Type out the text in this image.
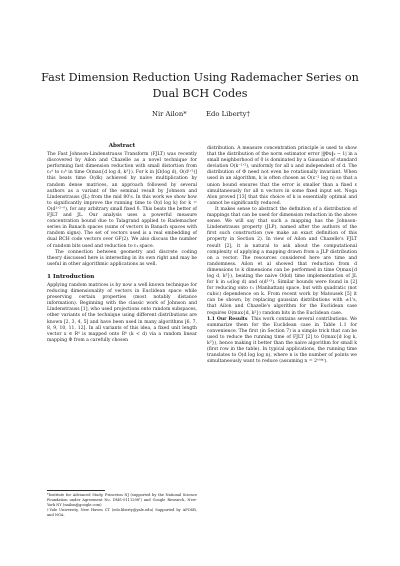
Fast Dimension Reduction Using Rademacher Series on Dual BCH Codes
Nir Ailon*	Edo Liberty†
Abstract

The Fast Johnson-Lindenstrauss Transform (FJLT) was recently discovered by Ailon and Chazelle as a novel technique for performing fast dimension reduction with small distortion from ℓ₂ᵈ to ℓ₂ᵏ in time O(max{d log d, k³}). For k in [Ω(log d), O(d¹ᐟ²)] this beats time O(dk) achieved by naive multiplication by random dense matrices, an approach followed by several authors as a variant of the seminal result by Johnson and Lindenstrauss (JL) from the mid 80's. In this work we show how to significantly improve the running time to O(d log k) for k = O(d¹ᐟ²⁻ᵟ), for any arbitrary small fixed δ. This beats the better of FJLT and JL. Our analysis uses a powerful measure concentration bound due to Talagrand applied to Rademacher series in Banach spaces (sums of vectors in Banach spaces with random signs). The set of vectors used is a real embedding of dual BCH code vectors over GF(2). We also discuss the number of random bits used and reduction to ℓ₁ space.

The connection between geometry and discrete coding theory discussed here is interesting in its own right and may be useful in other algorithmic applications as well.

1 Introduction

Applying random matrices is by now a well known technique for reducing dimensionality of vectors in Euclidean space while preserving certain properties (most notably distance information). Beginning with the classic work of Johnson and Lindenstrauss [1], who used projections onto random subspaces, other variants of the technique using different distributions are known [2, 3, 4, 5] and have been used in many algorithms [6, 7, 8, 9, 10, 11, 12]. In all variants of this idea, a fixed unit length vector x ∈ Rᵈ is mapped onto Rᵏ (k < d) via a random linear mapping Φ from a carefully chosen

distribution. A measure concentration principle is used to show that the distribution of the norm estimator error |‖Φx‖₂ − 1| in a small neighborhood of 0 is dominated by a Gaussian of standard deviation O(k⁻¹ᐟ²), uniformly for all x and independent of d. The distribution of Φ need not even be rotationally invariant. When used in an algorithm, k is often chosen as O(ε⁻² log n) so that a union bound ensures that the error is smaller than a fixed ε simultaneously for all n vectors in some fixed input set. Noga Alon proved [13] that this choice of k is essentially optimal and cannot be significantly reduced.

It makes sense to abstract the definition of a distribution of mappings that can be used for dimension reduction in the above sense. We will say that such a mapping has the Johnson-Lindenstrauss property (JLP), named after the authors of the first such construction (we make an exact definition of this property in Section 2). In view of Ailon and Chazelle's FJLT result [2], it is natural to ask about the computational complexity of applying a mapping drawn from a JLP distribution on a vector. The resources considered here are time and randomness. Ailon et al showed that reduction from d dimensions to k dimensions can be performed in time O(max{d log d, k³}), beating the naive O(kd) time implementation of JL for k in ω(log d) and o(d¹ᐟ³). Similar bounds were found in [2] for reducing onto ℓ₁ (Manhattan) space, but with quadratic (not cubic) dependence on k. From recent work by Matousek [5] it can be shown, by replacing gaussian distributions with ±1's, that Ailon and Chazelle's algorithm for the Euclidean case requires O(max{d, k²}) random bits in the Euclidean case.

1.1 Our Results This work contains several contributions. We summarize them for the Euclidean case in Table 1.1 for convenience. The first (in Section 7) is a simple trick that can be used to reduce the running time of FJLT [2] to O(max{d log k, k³}), hence making it better than the naive algorithm for small k (first row in the table). In typical applications, the running time translates to O(d log log n), where n is the number of points we simultaneously want to reduce (assuming n = 2ᵒ⁽ᵈᵃ⁾).

*Institute for Advanced Study, Princeton NJ (supported by the National Science Foundation under Agreement No. DMS-0111298¹) and Google Research, New-York NY (nailon@google.com)

†Yale University, New Haven CT (edo.liberty@yale.edu) Supported by AFOSR, and NGA.
